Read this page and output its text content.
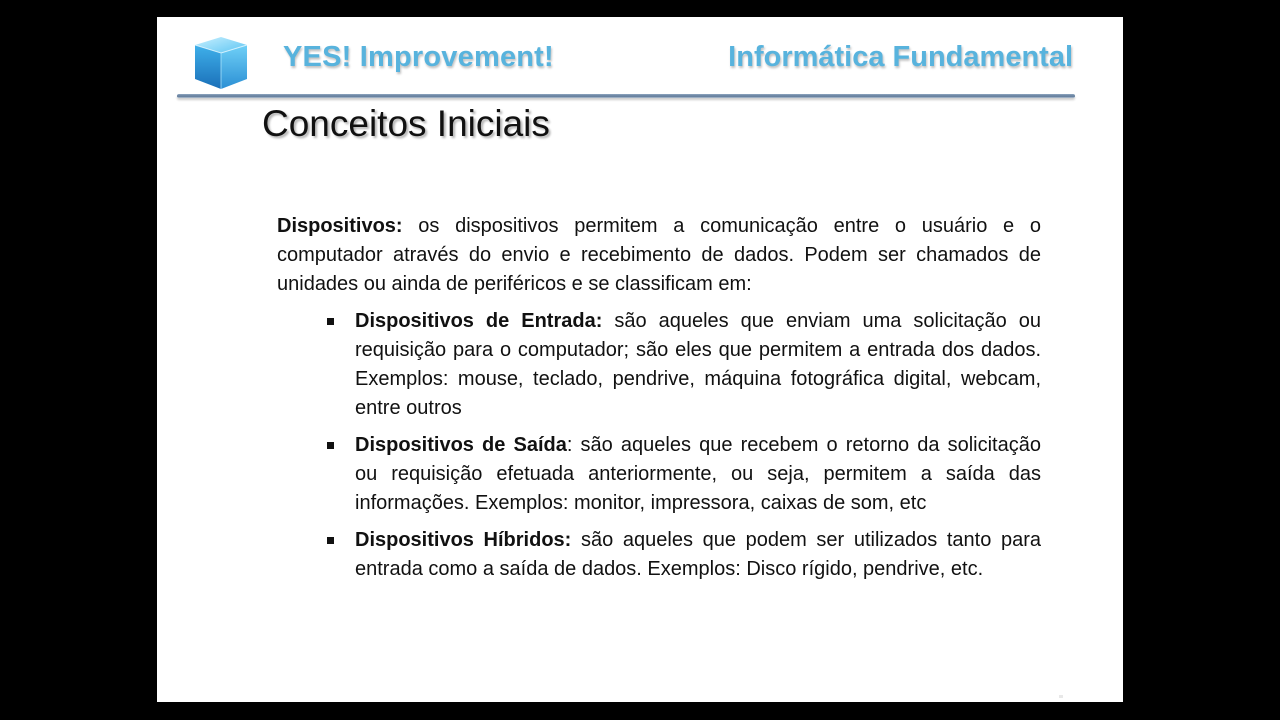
YES! Improvement!	Informática Fundamental
Conceitos Iniciais

Dispositivos: os dispositivos permitem a comunicação entre o usuário e o computador através do envio e recebimento de dados. Podem ser chamados de unidades ou ainda de periféricos e se classificam em:

Dispositivos de Entrada: são aqueles que enviam uma solicitação ou requisição para o computador; são eles que permitem a entrada dos dados. Exemplos: mouse, teclado, pendrive, máquina fotográfica digital, webcam, entre outros
Dispositivos de Saída: são aqueles que recebem o retorno da solicitação ou requisição efetuada anteriormente, ou seja, permitem a saída das informações. Exemplos: monitor, impressora, caixas de som, etc
Dispositivos Híbridos: são aqueles que podem ser utilizados tanto para entrada como a saída de dados. Exemplos: Disco rígido, pendrive, etc.
